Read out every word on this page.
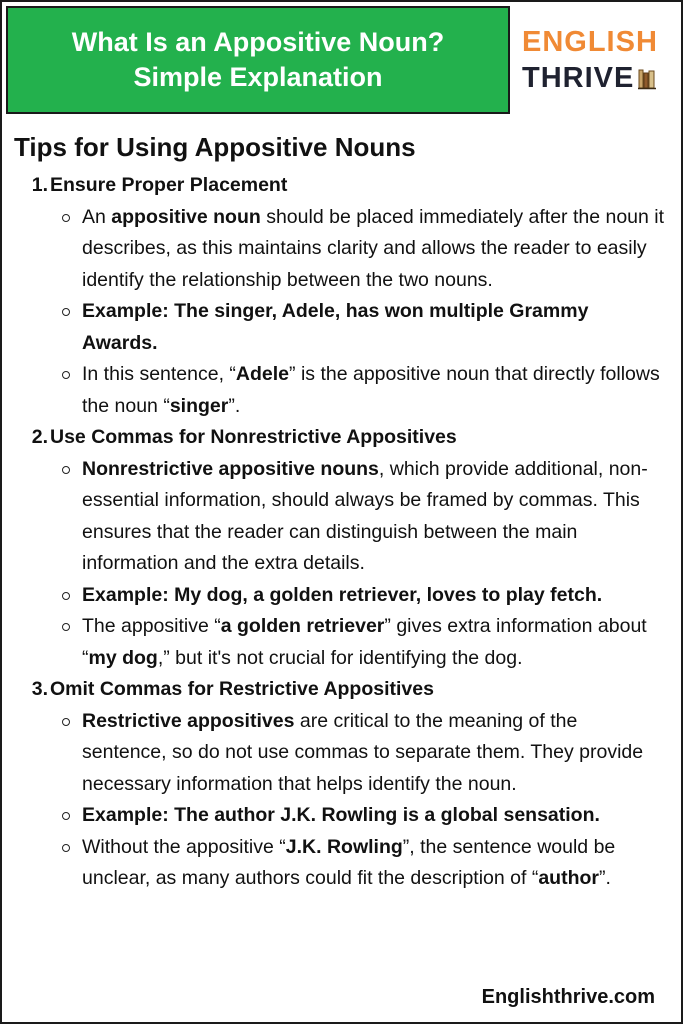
What Is an Appositive Noun?
Simple Explanation
ENGLISH
THRIVE
Tips for Using Appositive Nouns
1. Ensure Proper Placement
An appositive noun should be placed immediately after the noun it describes, as this maintains clarity and allows the reader to easily identify the relationship between the two nouns.
Example: The singer, Adele, has won multiple Grammy Awards.
In this sentence, “Adele” is the appositive noun that directly follows the noun “singer”.
2. Use Commas for Nonrestrictive Appositives
Nonrestrictive appositive nouns, which provide additional, non-essential information, should always be framed by commas. This ensures that the reader can distinguish between the main information and the extra details.
Example: My dog, a golden retriever, loves to play fetch.
The appositive “a golden retriever” gives extra information about “my dog,” but it's not crucial for identifying the dog.
3. Omit Commas for Restrictive Appositives
Restrictive appositives are critical to the meaning of the sentence, so do not use commas to separate them. They provide necessary information that helps identify the noun.
Example: The author J.K. Rowling is a global sensation.
Without the appositive “J.K. Rowling”, the sentence would be unclear, as many authors could fit the description of “author”.
Englishthrive.com
